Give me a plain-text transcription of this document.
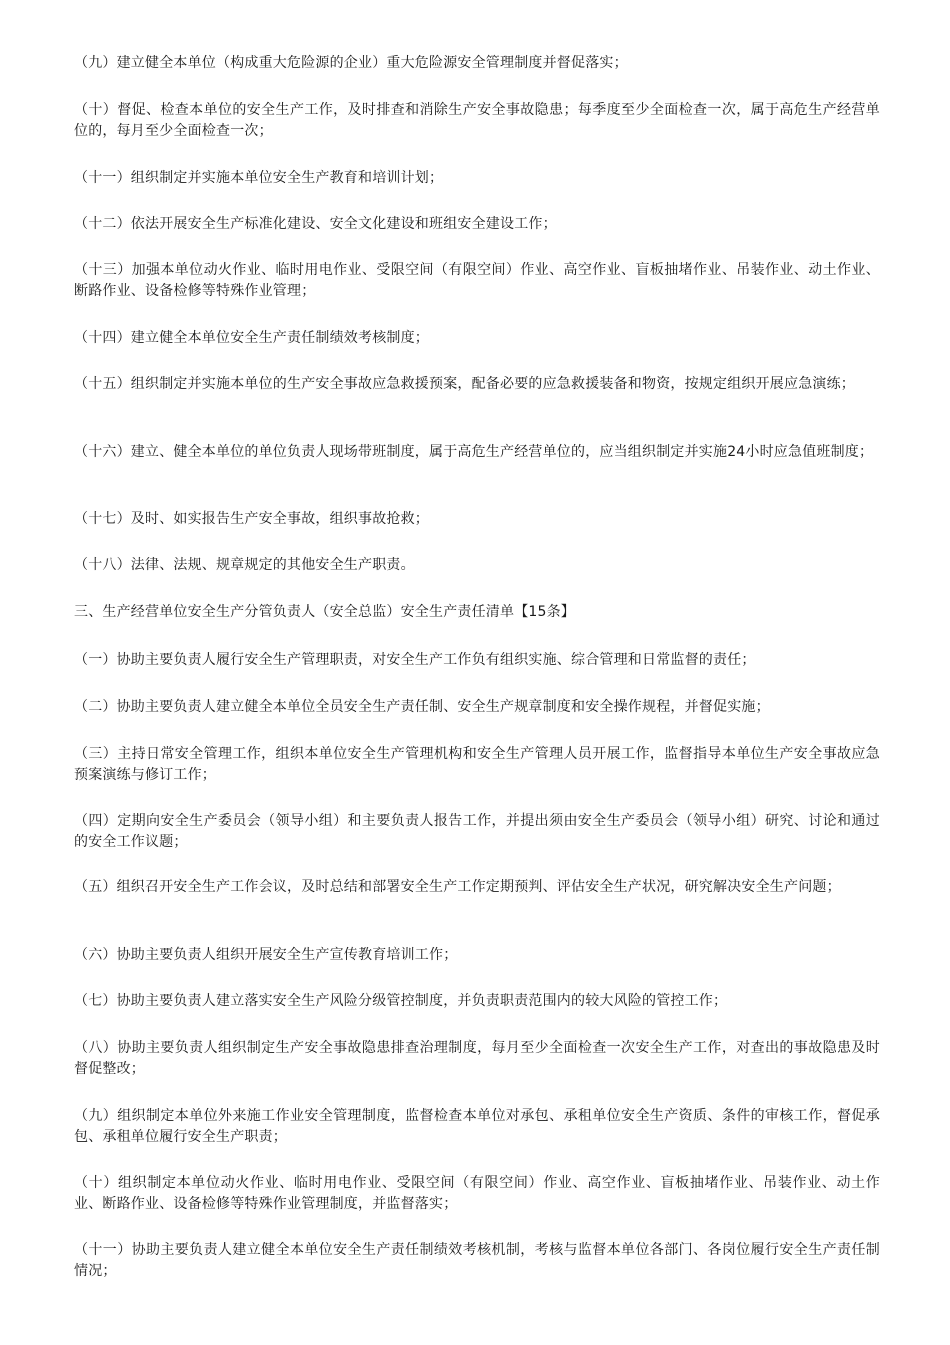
（九）建立健全本单位（构成重大危险源的企业）重大危险源安全管理制度并督促落实；

（十）督促、检查本单位的安全生产工作，及时排查和消除生产安全事故隐患；每季度至少全面检查一次，属于高危生产经营单位的，每月至少全面检查一次；

（十一）组织制定并实施本单位安全生产教育和培训计划；

（十二）依法开展安全生产标准化建设、安全文化建设和班组安全建设工作；

（十三）加强本单位动火作业、临时用电作业、受限空间（有限空间）作业、高空作业、盲板抽堵作业、吊装作业、动土作业、断路作业、设备检修等特殊作业管理；

（十四）建立健全本单位安全生产责任制绩效考核制度；

（十五）组织制定并实施本单位的生产安全事故应急救援预案，配备必要的应急救援装备和物资，按规定组织开展应急演练；

（十六）建立、健全本单位的单位负责人现场带班制度，属于高危生产经营单位的，应当组织制定并实施24小时应急值班制度；

（十七）及时、如实报告生产安全事故，组织事故抢救；

（十八）法律、法规、规章规定的其他安全生产职责。

三、生产经营单位安全生产分管负责人（安全总监）安全生产责任清单【15条】

（一）协助主要负责人履行安全生产管理职责，对安全生产工作负有组织实施、综合管理和日常监督的责任；

（二）协助主要负责人建立健全本单位全员安全生产责任制、安全生产规章制度和安全操作规程，并督促实施；

（三）主持日常安全管理工作，组织本单位安全生产管理机构和安全生产管理人员开展工作，监督指导本单位生产安全事故应急预案演练与修订工作；

（四）定期向安全生产委员会（领导小组）和主要负责人报告工作，并提出须由安全生产委员会（领导小组）研究、讨论和通过的安全工作议题；

（五）组织召开安全生产工作会议，及时总结和部署安全生产工作定期预判、评估安全生产状况，研究解决安全生产问题；

（六）协助主要负责人组织开展安全生产宣传教育培训工作；

（七）协助主要负责人建立落实安全生产风险分级管控制度，并负责职责范围内的较大风险的管控工作；

（八）协助主要负责人组织制定生产安全事故隐患排查治理制度，每月至少全面检查一次安全生产工作，对查出的事故隐患及时督促整改；

（九）组织制定本单位外来施工作业安全管理制度，监督检查本单位对承包、承租单位安全生产资质、条件的审核工作，督促承包、承租单位履行安全生产职责；

（十）组织制定本单位动火作业、临时用电作业、受限空间（有限空间）作业、高空作业、盲板抽堵作业、吊装作业、动土作业、断路作业、设备检修等特殊作业管理制度，并监督落实；

（十一）协助主要负责人建立健全本单位安全生产责任制绩效考核机制，考核与监督本单位各部门、各岗位履行安全生产责任制情况；
